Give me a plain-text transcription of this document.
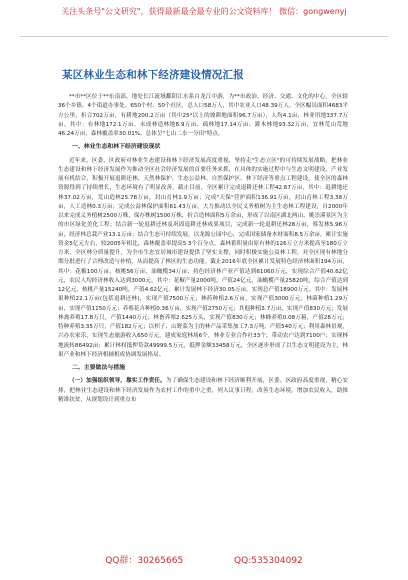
关注头条号"公文研究"，获得最新最全最专业的公文资料库！ 微信：gongwenyj
某区林业生态和林下经济建设情况汇报

**市**区位于**东南部，地处长江流域鄱阳江水系白龙江中游，为**市政治、经济、交通、文化的中心，全区辖36个乡镇、4个街道办事处、650个村、50个社区，总人口58万人，其中农业人口48.39万人。全区幅员面积4683平方公里，折合702万亩，有耕地200.2万亩（其中25°以上的坡耕地面积96.7万亩），人均4.1亩，林业用地337.7万亩，其中：有林地172.1万亩、未成林造林地8.9万亩、疏林地17.14万亩、灌木林地93.32万亩，宜林荒山荒地46.24万亩，森林覆盖率30.01%，总体呈"七山二水一分田"特点。

一、林业生态和林下经济建设现状

近年来，区委、区政府对林业生态建设和林下经济发展高度重视，坚持走"生态立区"的可持续发展战略，把林业生态建设和林下经济发展作为推动全区社会经济发展的首要任务来抓，在具体的实施过程中与生态文明建设、产业发展有机结合，积极开展退耕还林、天然林保护、生态公益林、自然保护区、林下经济等重点工程建设，使全区的森林资源得到了持续增长，生态环境有了明显改善，截止目前，全区累计完成退耕还林工程42.67万亩，其中：退耕地还林37.02万亩，荒山造林25.78万亩，封山育林1.9万亩；完成"天保"营护面积136.91万亩，封山育林工程3.38万亩，人工造林0.3万亩；完成公益林保护面积61.43万亩，大力推动以全民义务植树为主生态林工程建设，自2000年以来完成义务植树2500万株，保存株树1500万株，折合造林面积5万余亩，形成了以南区湖北两山、姚崇溪景区为主的市区绿化美化工程；结合新一轮退耕还林及巩固退耕还林成果项目，完成新一轮退耕还林28万亩，蔡发林5.96万亩，经济林总栽产业13.1万亩；结合生态可持续发展，以龙源公园中心，完成国家储备木材面积8.5万余亩，累计实施资金5亿元左右，较2005年相比，森林覆盖率提高5.3个百分点，森林蓄积量由原有林的126万立方米提高至180万立方米，全区林分质量提升，为全市生态宜居城市建设提供了坚实支撑，同时积极实施公益林工程，对全区现有林地分期分批进行了合理改造与补植，从而提高了林区的生态功能。截止2016年底全区累计发展特色经济林面积194万亩，其中：花椒100万亩，核桃56万亩，油橄榄34万亩；持色经济林产业产值达到61060万元，实现综合产值40.62亿元，农民人均经济林收入达到3000元，其中：花椒产量2000吨，产值24亿元，油橄榄产量25820吨，综合产值达到12亿元，核桃产量15240吨，产值4.62亿元。累计发展林下经济30.05万亩，实现总产值18900万元。其中：发展林果种植22.1万亩(包括退耕还林)，实现产值7500万元；林药种植2.6万亩，实现产值3000万元；林菌种植1.29万亩，实现产值1150万元；养殖花卉种植0.36万亩，实现产值2750万元；其他种植3.7万亩，实现产值830万元；发展林禽养殖17.8万只，产值1440万元；林畜养殖2.625万头，实现产值830万元；林蜂养殖0.08万箱，产值28万元；特种养殖3.35万只，产值182万元；以枳子、山野菜为主的林产品采集加工7.3万吨，产值540万元；利用森林景观，兴办农家乐，实现生态旅游收入650万元，建成家庭林场6个，林业专业合作社33个，带动农户达到7100户；实现林地流转86492亩；累计林权抵押贷款49999.5万元，抵押金额33458万元，全区逐步形成了以生态文明建设为主，林果产业和林下经济相辅相成协调发展格局。

二、主要做法与措施

（一）加强组织领导，靠实工作责任。为了确保生态建设和林下经济顺利开展，区委、区政府高度重视，精心安排，把林业生态建设和林下经济发展作为农村工作的重中之重，列入议事日程，改善生态环境，增加农民收入，助推精准扶贫，从规划设计到重点布

QQ群：30265665	QQ:535304092
